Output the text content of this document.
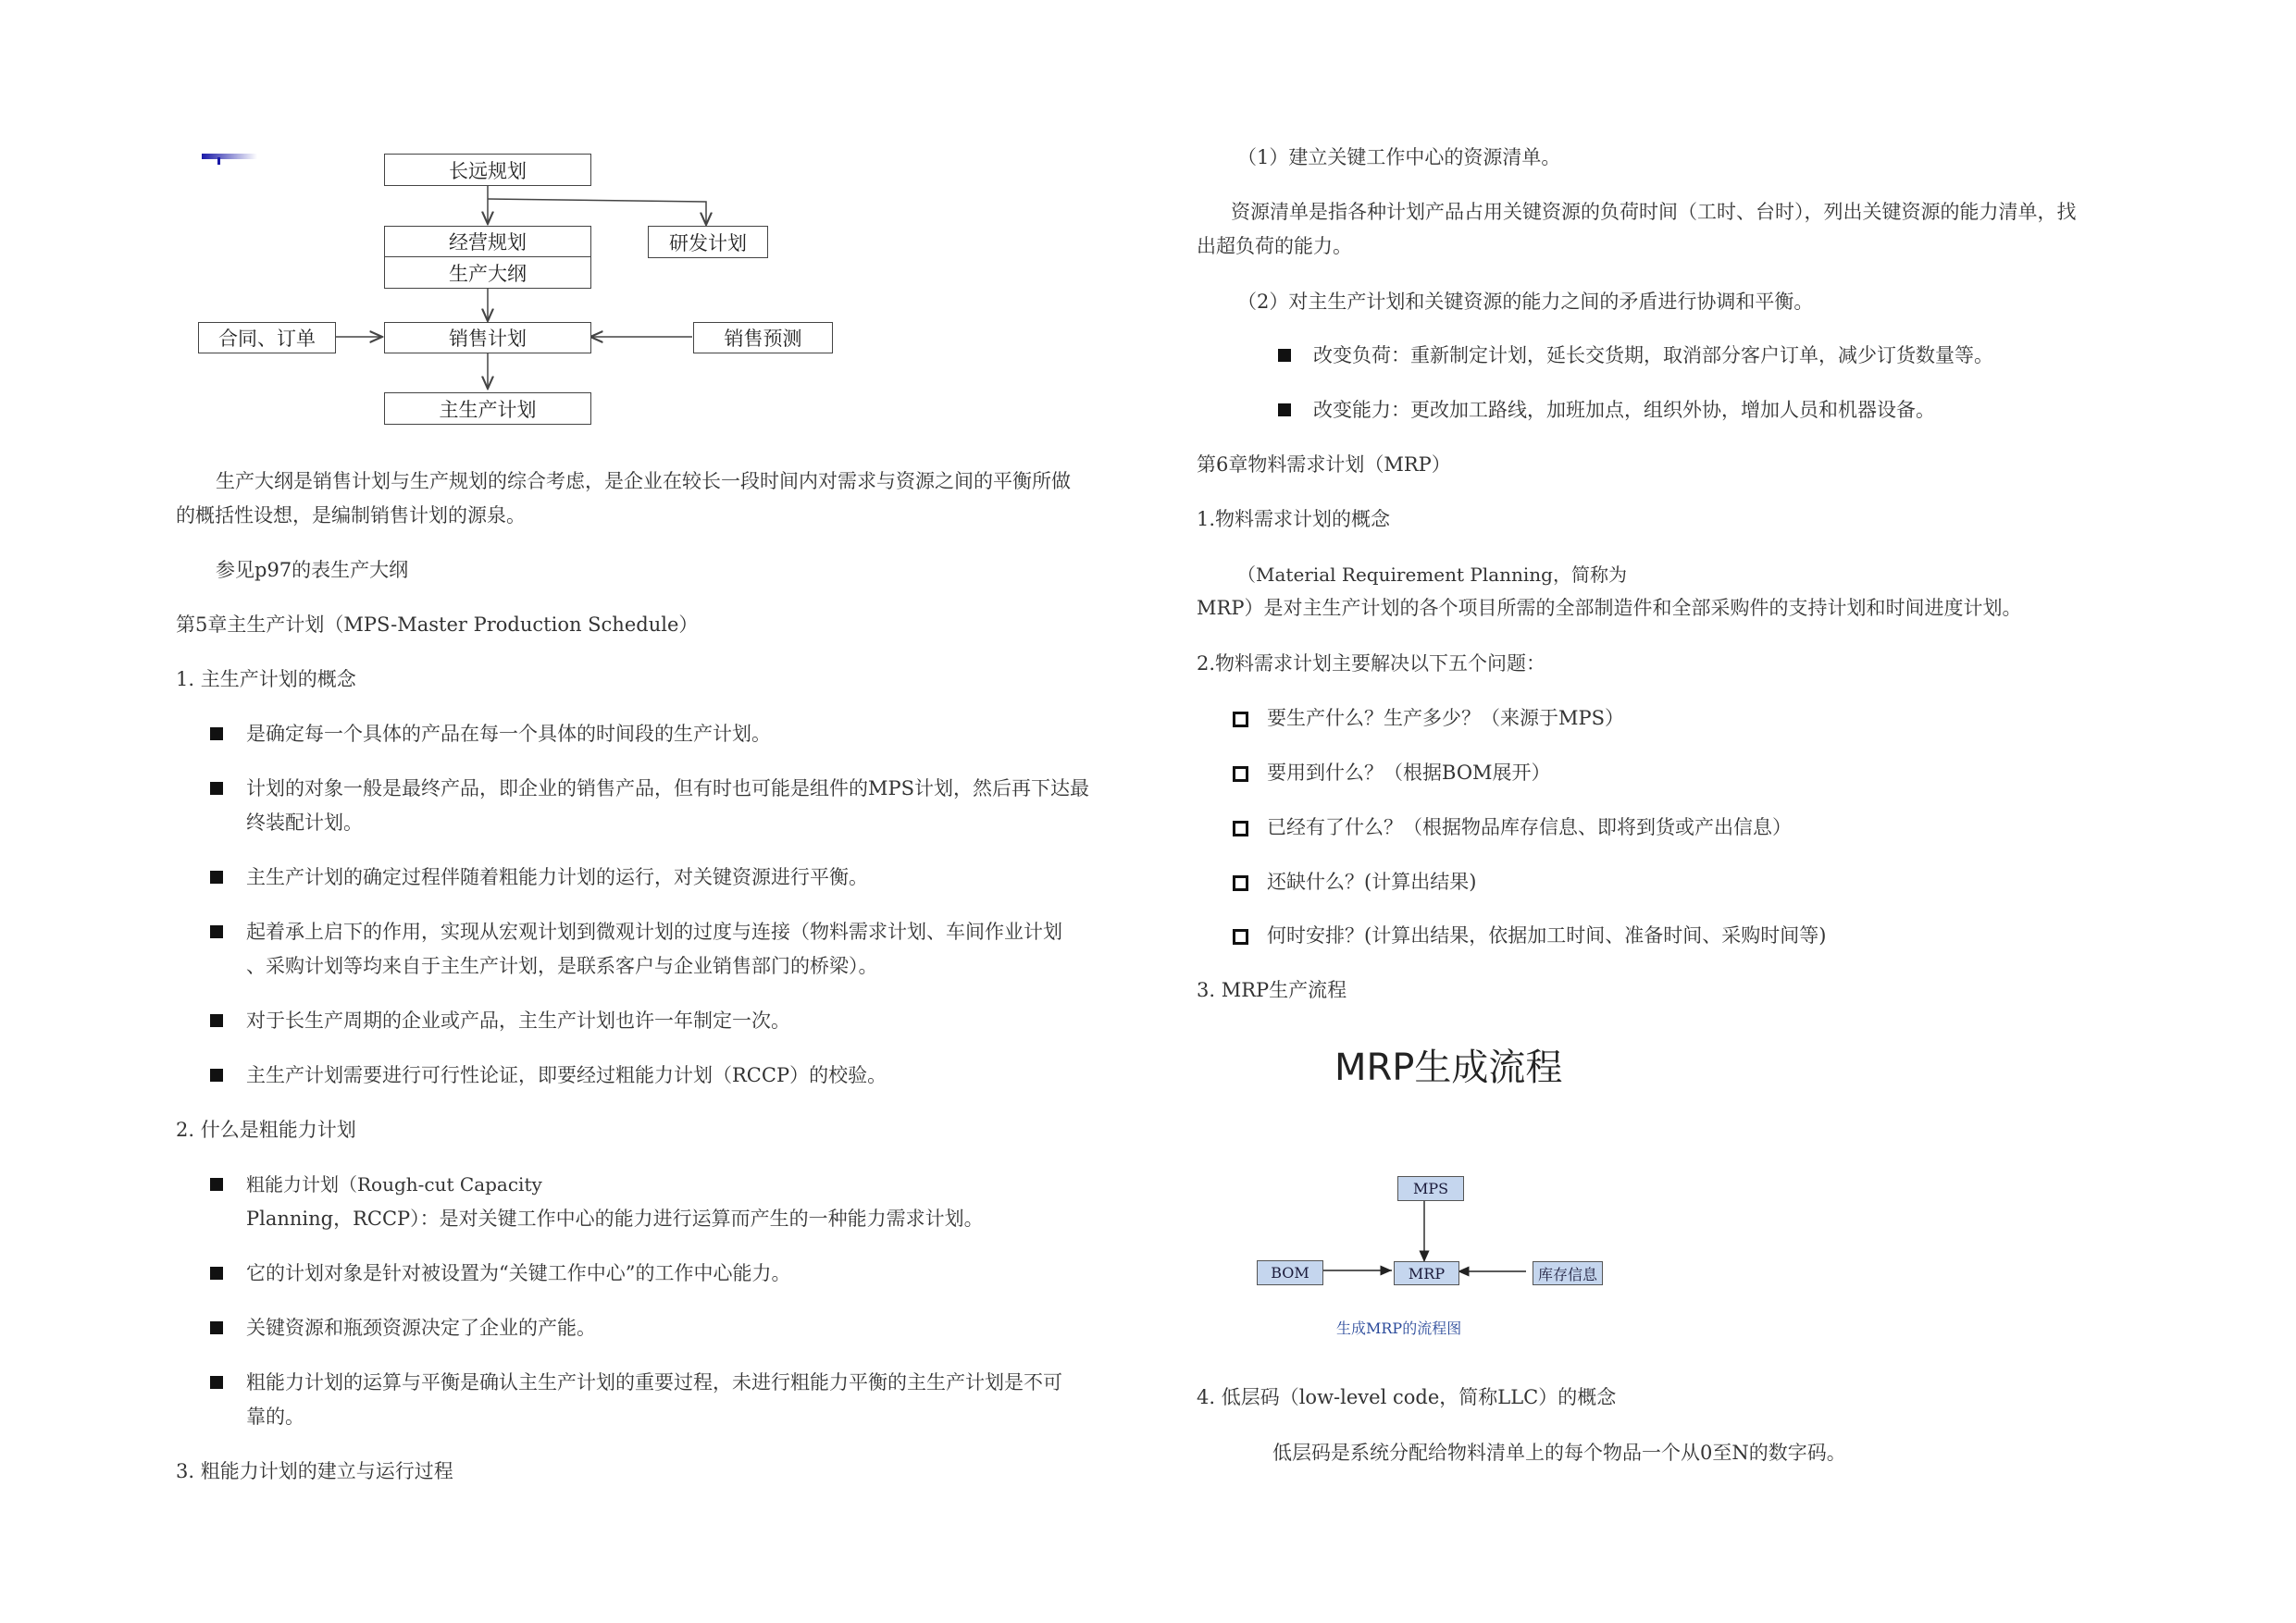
长远规划
经营规划
生产大纲
研发计划
合同、订单	销售计划	销售预测
主生产计划
生产大纲是销售计划与生产规划的综合考虑，是企业在较长一段时间内对需求与资源之间的平衡所做
的概括性设想，是编制销售计划的源泉。
参见p97的表生产大纲
第5章主生产计划（MPS-Master Production Schedule）
1. 主生产计划的概念
是确定每一个具体的产品在每一个具体的时间段的生产计划。
计划的对象一般是最终产品，即企业的销售产品，但有时也可能是组件的MPS计划，然后再下达最
终装配计划。
主生产计划的确定过程伴随着粗能力计划的运行，对关键资源进行平衡。
起着承上启下的作用，实现从宏观计划到微观计划的过度与连接（物料需求计划、车间作业计划
、采购计划等均来自于主生产计划，是联系客户与企业销售部门的桥梁）。
对于长生产周期的企业或产品，主生产计划也许一年制定一次。
主生产计划需要进行可行性论证，即要经过粗能力计划（RCCP）的校验。
2. 什么是粗能力计划
粗能力计划（Rough-cut Capacity
Planning，RCCP）：是对关键工作中心的能力进行运算而产生的一种能力需求计划。
它的计划对象是针对被设置为“关键工作中心”的工作中心能力。
关键资源和瓶颈资源决定了企业的产能。
粗能力计划的运算与平衡是确认主生产计划的重要过程，未进行粗能力平衡的主生产计划是不可
靠的。
3. 粗能力计划的建立与运行过程
（1）建立关键工作中心的资源清单。
资源清单是指各种计划产品占用关键资源的负荷时间（工时、台时），列出关键资源的能力清单，找
出超负荷的能力。
（2）对主生产计划和关键资源的能力之间的矛盾进行协调和平衡。
改变负荷：重新制定计划，延长交货期，取消部分客户订单，减少订货数量等。
改变能力：更改加工路线，加班加点，组织外协，增加人员和机器设备。
第6章物料需求计划（MRP）
1.物料需求计划的概念
（Material Requirement Planning，简称为
MRP）是对主生产计划的各个项目所需的全部制造件和全部采购件的支持计划和时间进度计划。
2.物料需求计划主要解决以下五个问题：
要生产什么？生产多少？（来源于MPS）
要用到什么？（根据BOM展开）
已经有了什么？（根据物品库存信息、即将到货或产出信息）
还缺什么？(计算出结果)
何时安排？(计算出结果，依据加工时间、准备时间、采购时间等)
3. MRP生产流程
MRP生成流程
MPS
BOM	MRP	库存信息
生成MRP的流程图
4. 低层码（low-level code，简称LLC）的概念
低层码是系统分配给物料清单上的每个物品一个从0至N的数字码。
